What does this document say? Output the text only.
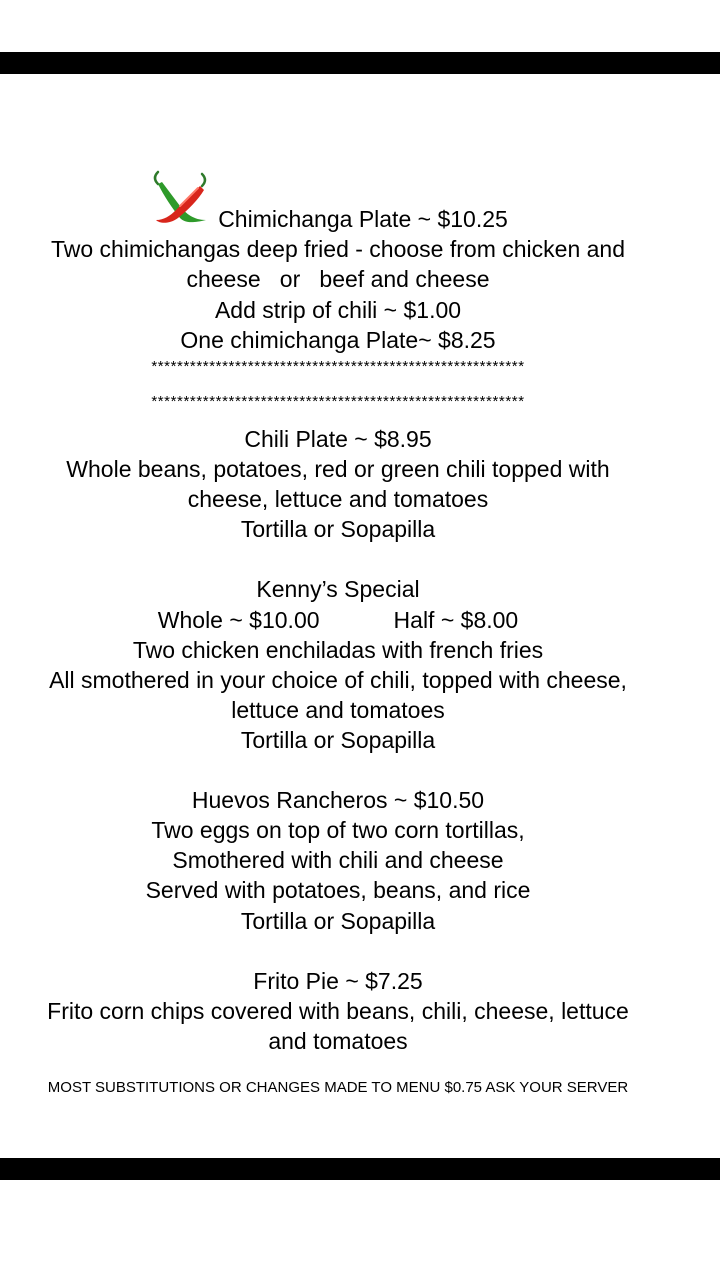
Chimichanga Plate ~ $10.25
Two chimichangas deep fried - choose from chicken and
cheese   or   beef and cheese
Add strip of chili ~ $1.00
One chimichanga Plate~ $8.25
**********************************************************
**********************************************************
Chili Plate ~ $8.95
Whole beans, potatoes, red or green chili topped with
cheese, lettuce and tomatoes
Tortilla or Sopapilla
Kenny’s Special
Whole ~ $10.00	Half ~ $8.00
Two chicken enchiladas with french fries
All smothered in your choice of chili, topped with cheese,
lettuce and tomatoes
Tortilla or Sopapilla
Huevos Rancheros ~ $10.50
Two eggs on top of two corn tortillas,
Smothered with chili and cheese
Served with potatoes, beans, and rice
Tortilla or Sopapilla
Frito Pie ~ $7.25
Frito corn chips covered with beans, chili, cheese, lettuce
and tomatoes
MOST SUBSTITUTIONS OR CHANGES MADE TO MENU $0.75 ASK YOUR SERVER
